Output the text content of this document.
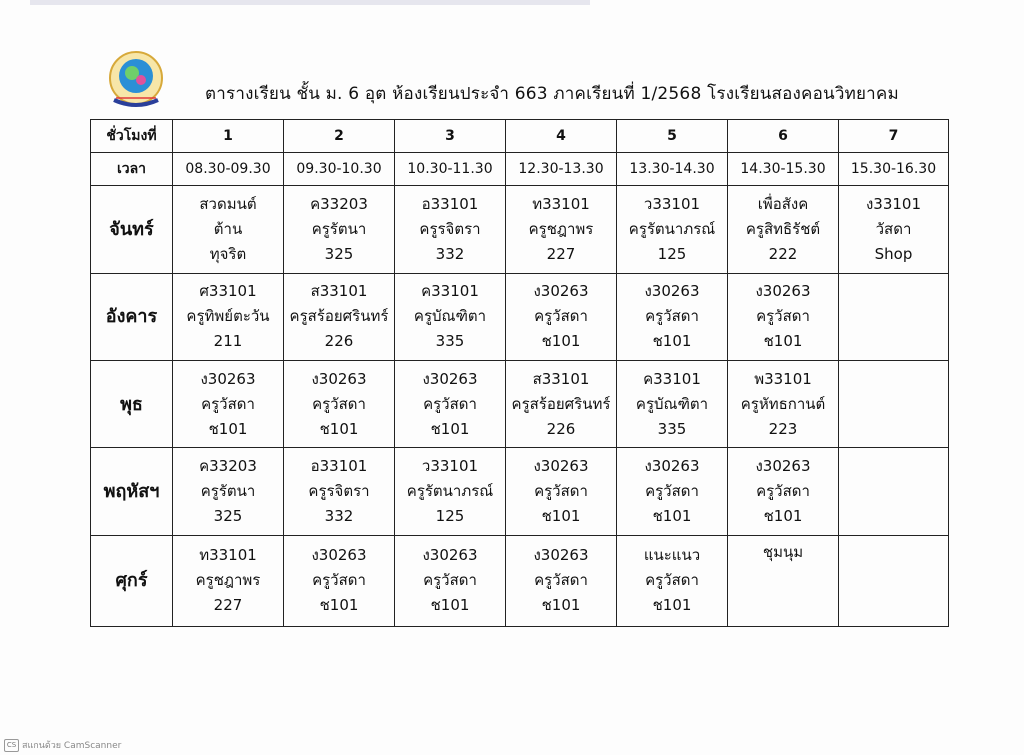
ตารางเรียน ชั้น ม. 6 อุต ห้องเรียนประจำ 663 ภาคเรียนที่ 1/2568 โรงเรียนสองคอนวิทยาคม
ชั่วโมงที่	1	2	3	4	5	6	7
เวลา	08.30-09.30	09.30-10.30	10.30-11.30	12.30-13.30	13.30-14.30	14.30-15.30	15.30-16.30
จันทร์	สวดมนต์
ต้าน
ทุจริต	ค33203
ครูรัตนา
325	อ33101
ครูรจิตรา
332	ท33101
ครูชฎาพร
227	ว33101
ครูรัตนาภรณ์
125	เพื่อสังค
ครูสิทธิรัชต์
222	ง33101
วัสดา
Shop

อังคาร	ศ33101
ครูทิพย์ตะวัน
211	ส33101
ครูสร้อยศรินทร์
226	ค33101
ครูบัณฑิตา
335	ง30263
ครูวัสดา
ช101	ง30263
ครูวัสดา
ช101	ง30263
ครูวัสดา
ช101	

พุธ	ง30263
ครูวัสดา
ช101	ง30263
ครูวัสดา
ช101	ง30263
ครูวัสดา
ช101	ส33101
ครูสร้อยศรินทร์
226	ค33101
ครูบัณฑิตา
335	พ33101
ครูหัทธกานต์
223	

พฤหัสฯ	ค33203
ครูรัตนา
325	อ33101
ครูรจิตรา
332	ว33101
ครูรัตนาภรณ์
125	ง30263
ครูวัสดา
ช101	ง30263
ครูวัสดา
ช101	ง30263
ครูวัสดา
ช101	

ศุกร์	ท33101
ครูชฎาพร
227	ง30263
ครูวัสดา
ช101	ง30263
ครูวัสดา
ช101	ง30263
ครูวัสดา
ช101	แนะแนว
ครูวัสดา
ช101	ชุมนุม	

CS สแกนด้วย CamScanner
